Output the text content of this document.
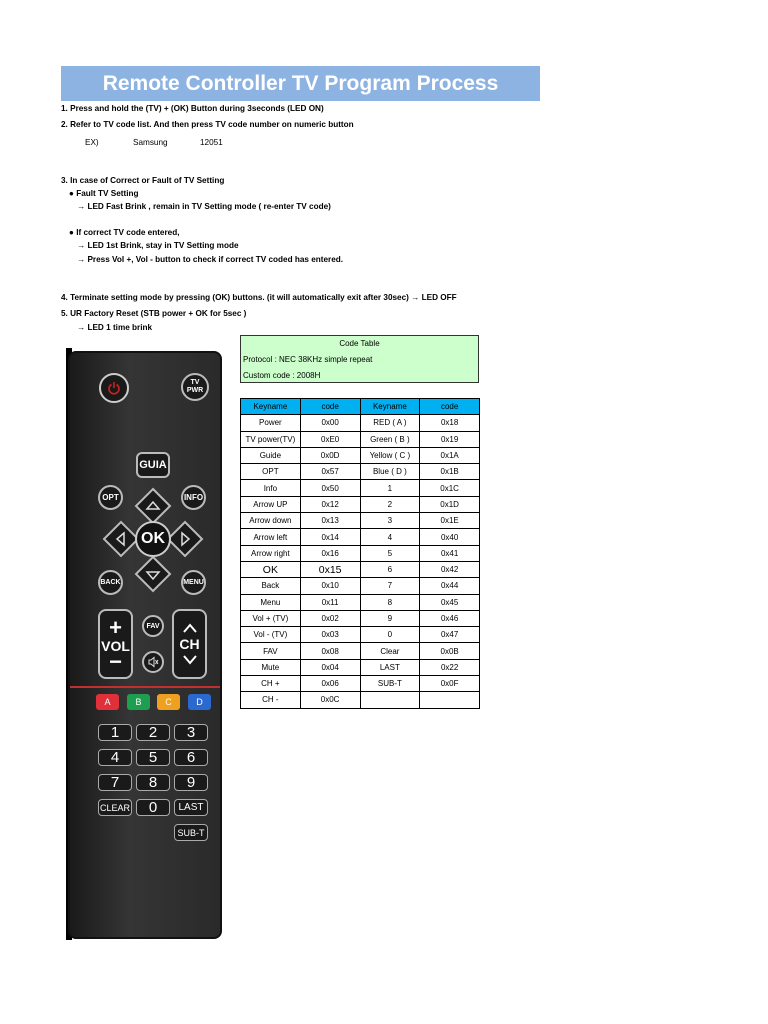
Remote Controller TV Program Process
1. Press and hold the (TV) + (OK) Button during 3seconds (LED ON)
2. Refer to TV code list. And then press TV code number on numeric button
EX)	Samsung	12051
3. In case of Correct or Fault of TV Setting
● Fault TV Setting
→ LED Fast Brink , remain in TV Setting mode ( re-enter TV code)
● If correct TV code entered,
→ LED 1st Brink, stay in TV Setting mode
→ Press Vol +, Vol - button to check if correct TV coded has entered.
4. Terminate setting mode by pressing (OK) buttons. (it will automatically exit after 30sec) → LED OFF
5. UR Factory Reset (STB power + OK for 5sec )
→ LED 1 time brink
Code Table
Protocol : NEC 38KHz simple repeat
Custom code : 2008H
Keyname	code	Keyname	code
Power	0x00	RED ( A )	0x18
TV power(TV)	0xE0	Green ( B )	0x19
Guide	0x0D	Yellow ( C )	0x1A
OPT	0x57	Blue ( D )	0x1B
Info	0x50	1	0x1C
Arrow UP	0x12	2	0x1D
Arrow down	0x13	3	0x1E
Arrow left	0x14	4	0x40
Arrow right	0x16	5	0x41
OK	0x15	6	0x42
Back	0x10	7	0x44
Menu	0x11	8	0x45
Vol + (TV)	0x02	9	0x46
Vol - (TV)	0x03	0	0x47
FAV	0x08	Clear	0x0B
Mute	0x04	LAST	0x22
CH +	0x06	SUB-T	0x0F
CH -	0x0C		
TV
PWR
GUIA
OPT	INFO
BACK	MENU
OK
+
VOL
−
FAV
CH
A	B	C	D
1	2	3
4	5	6
7	8	9
CLEAR	0	LAST
SUB-T
